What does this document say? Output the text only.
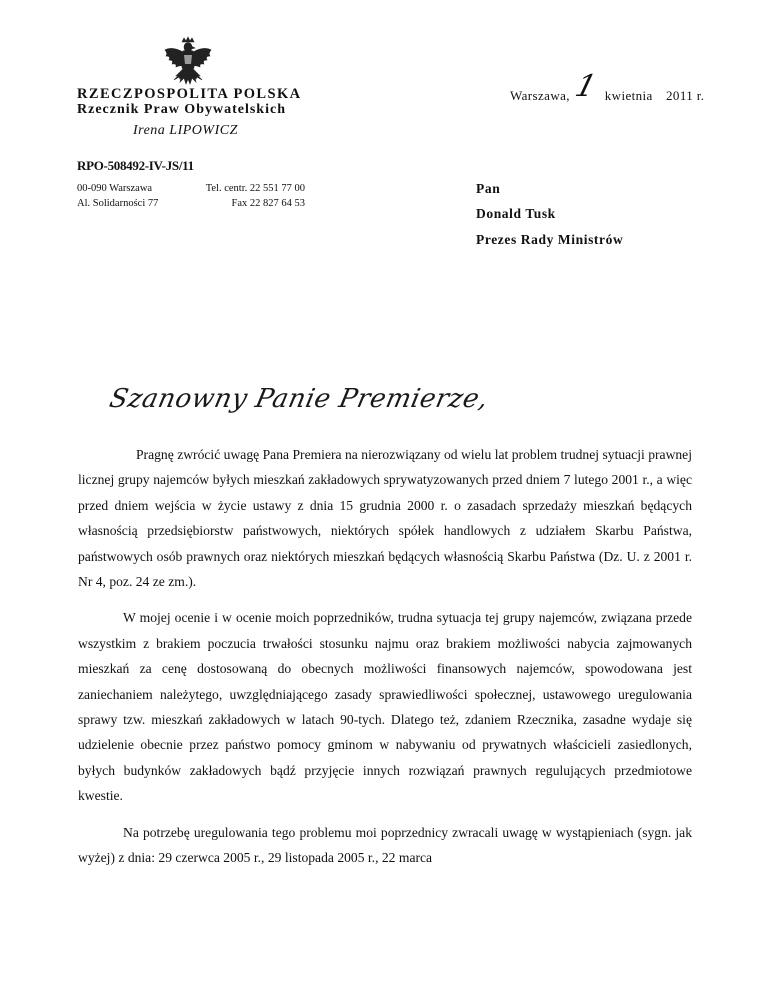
RZECZPOSPOLITA POLSKA
Rzecznik Praw Obywatelskich
Irena LIPOWICZ
Warszawa, 1 kwietnia 2011 r.
RPO-508492-IV-JS/11
00-090 Warszawa
Al. Solidarności 77
Tel. centr. 22 551 77 00
Fax 22 827 64 53
Pan
Donald Tusk
Prezes Rady Ministrów
Szanowny Panie Premierze,

Pragnę zwrócić uwagę Pana Premiera na nierozwiązany od wielu lat problem trudnej sytuacji prawnej licznej grupy najemców byłych mieszkań zakładowych sprywatyzowanych przed dniem 7 lutego 2001 r., a więc przed dniem wejścia w życie ustawy z dnia 15 grudnia 2000 r. o zasadach sprzedaży mieszkań będących własnością przedsiębiorstw państwowych, niektórych spółek handlowych z udziałem Skarbu Państwa, państwowych osób prawnych oraz niektórych mieszkań będących własnością Skarbu Państwa (Dz. U. z 2001 r. Nr 4, poz. 24 ze zm.).

W mojej ocenie i w ocenie moich poprzedników, trudna sytuacja tej grupy najemców, związana przede wszystkim z brakiem poczucia trwałości stosunku najmu oraz brakiem możliwości nabycia zajmowanych mieszkań za cenę dostosowaną do obecnych możliwości finansowych najemców, spowodowana jest zaniechaniem należytego, uwzględniającego zasady sprawiedliwości społecznej, ustawowego uregulowania sprawy tzw. mieszkań zakładowych w latach 90-tych. Dlatego też, zdaniem Rzecznika, zasadne wydaje się udzielenie obecnie przez państwo pomocy gminom w nabywaniu od prywatnych właścicieli zasiedlonych, byłych budynków zakładowych bądź przyjęcie innych rozwiązań prawnych regulujących przedmiotowe kwestie.

Na potrzebę uregulowania tego problemu moi poprzednicy zwracali uwagę w wystąpieniach (sygn. jak wyżej) z dnia: 29 czerwca 2005 r., 29 listopada 2005 r., 22 marca
